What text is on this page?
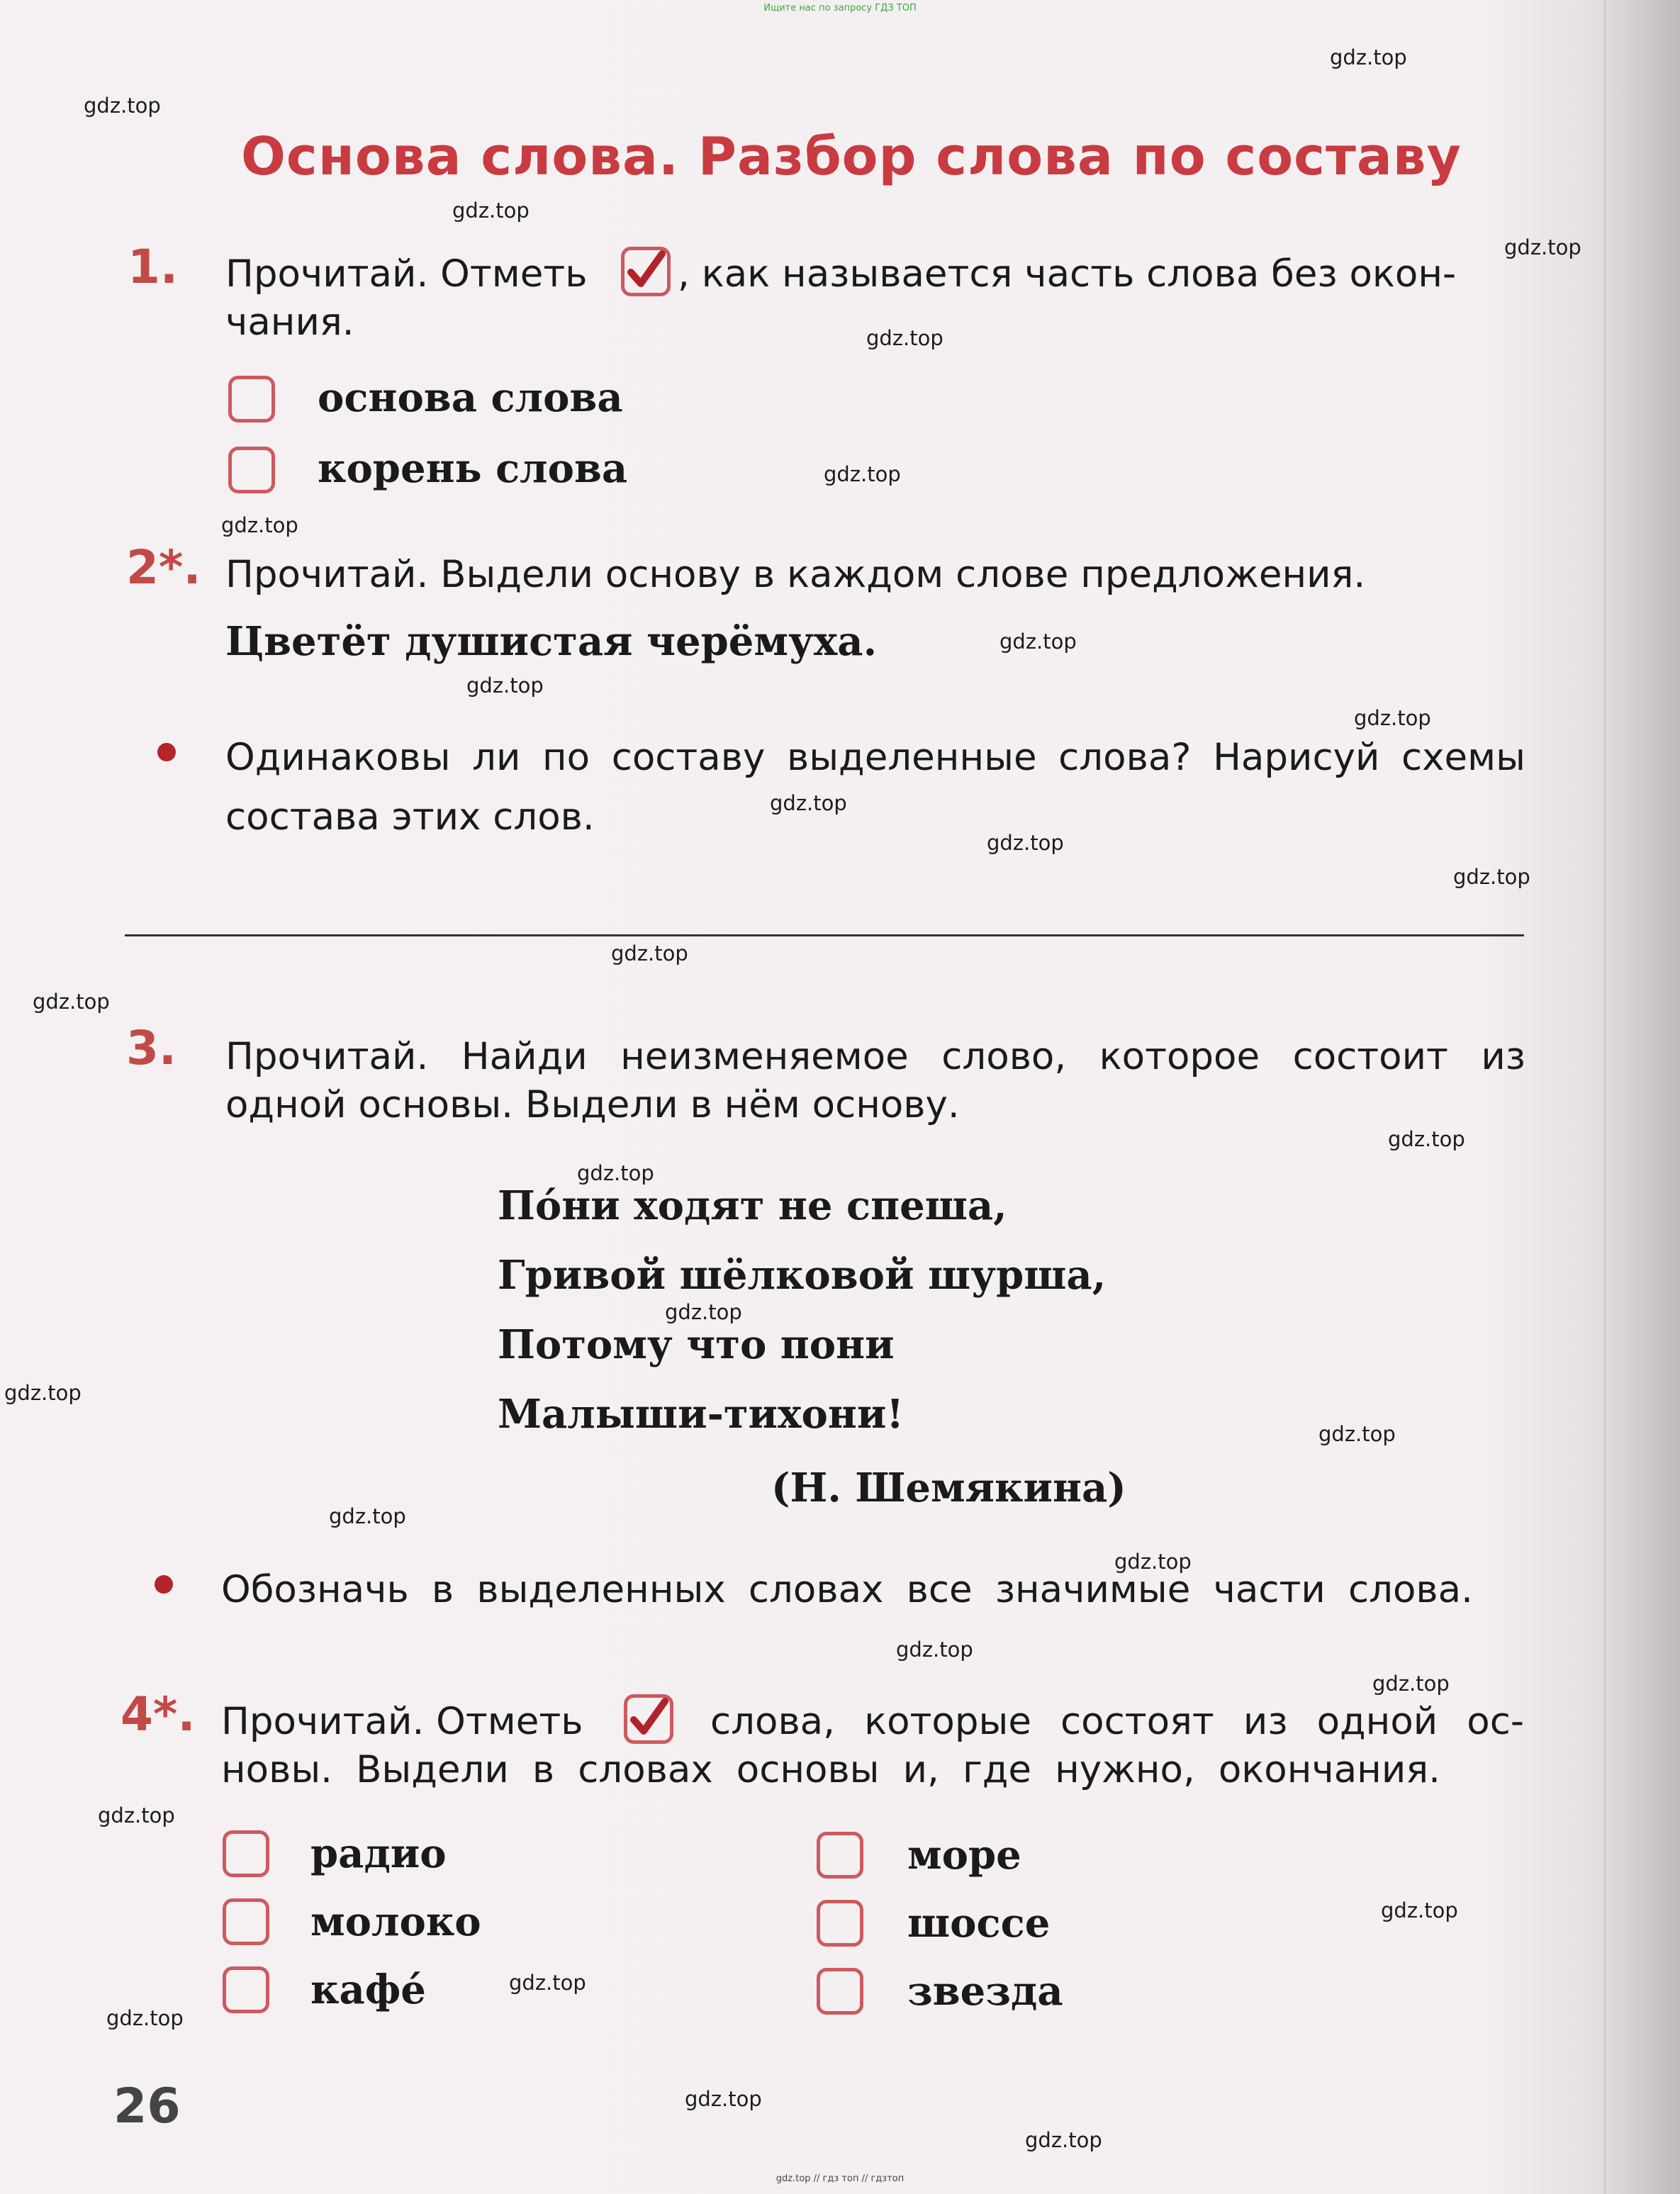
Ищите нас по запросу ГДЗ ТОП
gdz.top
gdz.top
gdz.top
gdz.top
gdz.top
gdz.top
gdz.top
gdz.top
gdz.top
gdz.top
gdz.top
gdz.top
gdz.top
gdz.top
gdz.top
gdz.top
gdz.top
gdz.top
gdz.top
gdz.top
gdz.top
gdz.top
gdz.top
gdz.top
gdz.top
gdz.top
gdz.top
gdz.top
gdz.top
gdz.top
Основа слова. Разбор слова по составу
1. Прочитай. Отметь , как называется часть слова без окон-
чания.
основа слова
корень слова
2*. Прочитай. Выдели основу в каждом слове предложения.
Цветёт душистая черёмуха.
Одинаковы ли по составу выделенные слова? Нарисуй схемы
состава этих слов.
3. Прочитай. Найди неизменяемое слово, которое состоит из
одной основы. Выдели в нём основу.
По́ни ходят не спеша,
Гривой шёлковой шурша,
Потому что пони
Малыши-тихони!
(Н. Шемякина)
Обозначь в выделенных словах все значимые части слова.
4*. Прочитай. Отметь	слова, которые состоят из одной ос-
новы. Выдели в словах основы и, где нужно, окончания.
радио
молоко
кафе́
море
шоссе
звезда
26
gdz.top // гдз топ // гдзтоп
